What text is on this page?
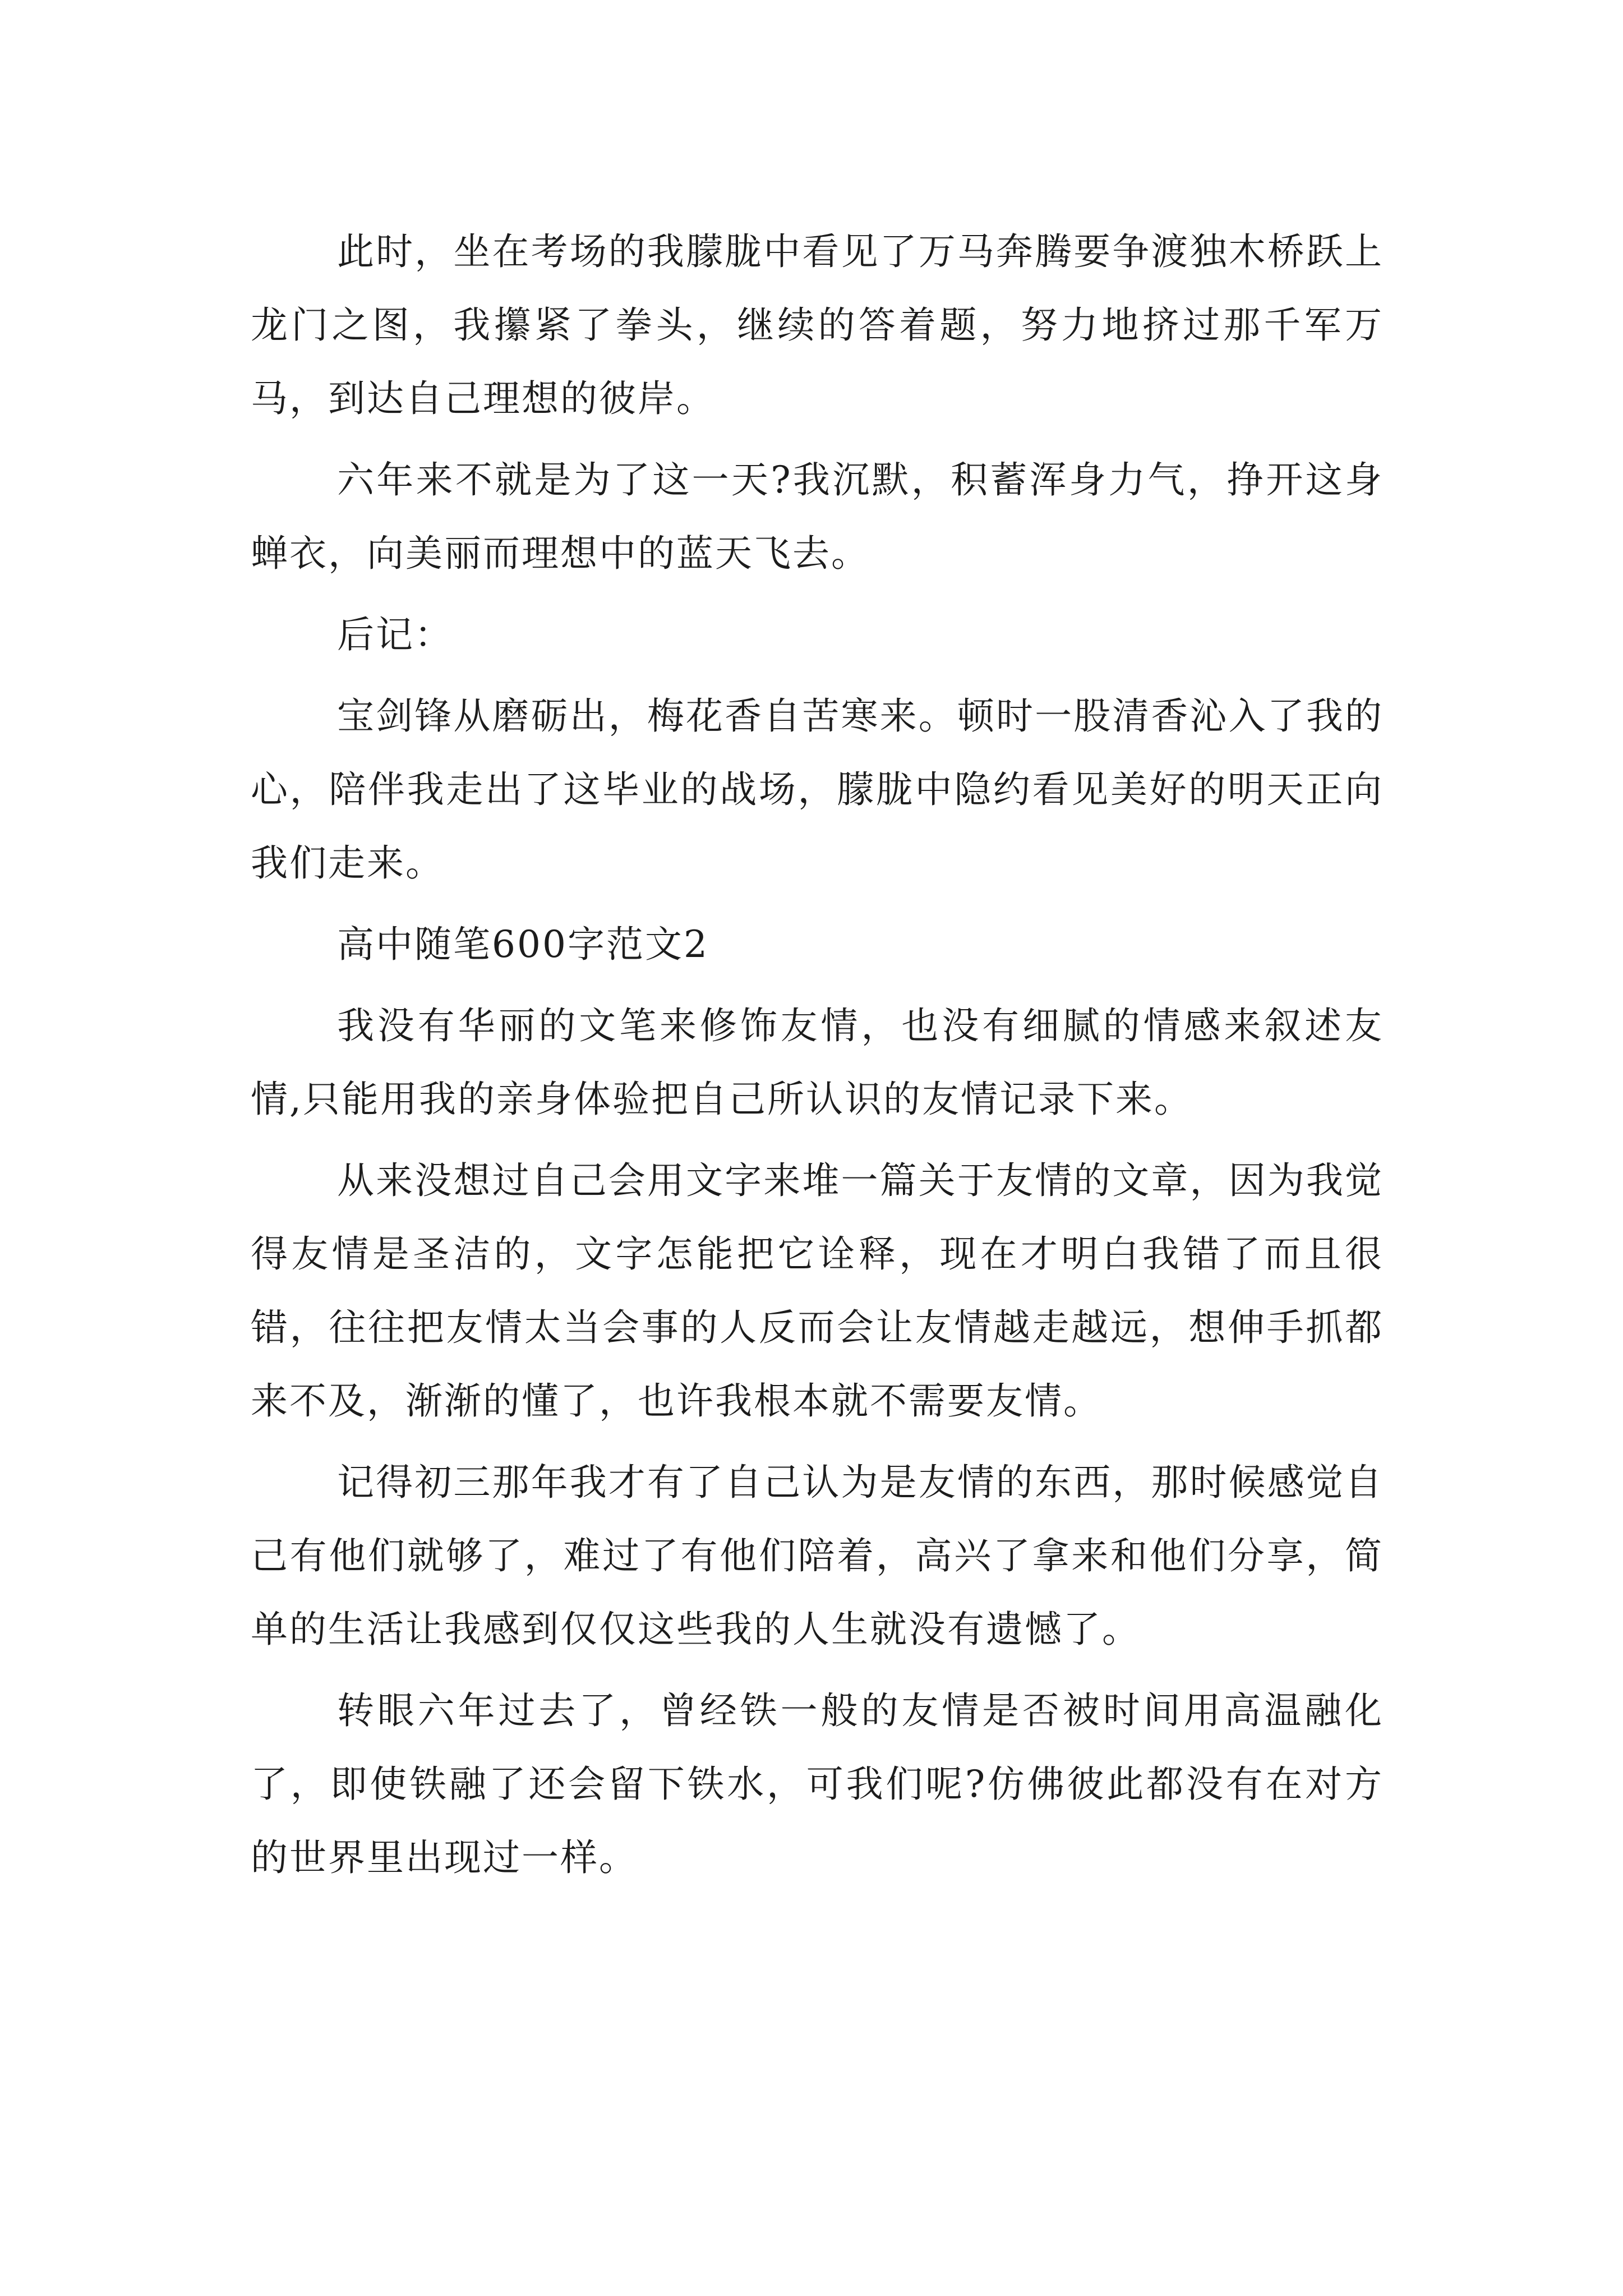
此时，坐在考场的我朦胧中看见了万马奔腾要争渡独木桥跃上龙门之图，我攥紧了拳头，继续的答着题，努力地挤过那千军万马，到达自己理想的彼岸。

六年来不就是为了这一天?我沉默，积蓄浑身力气，挣开这身蝉衣，向美丽而理想中的蓝天飞去。

后记：

宝剑锋从磨砺出，梅花香自苦寒来。顿时一股清香沁入了我的心，陪伴我走出了这毕业的战场，朦胧中隐约看见美好的明天正向我们走来。

高中随笔600字范文2

我没有华丽的文笔来修饰友情，也没有细腻的情感来叙述友情,只能用我的亲身体验把自己所认识的友情记录下来。

从来没想过自己会用文字来堆一篇关于友情的文章，因为我觉得友情是圣洁的，文字怎能把它诠释，现在才明白我错了而且很错，往往把友情太当会事的人反而会让友情越走越远，想伸手抓都来不及，渐渐的懂了，也许我根本就不需要友情。

记得初三那年我才有了自己认为是友情的东西，那时候感觉自己有他们就够了，难过了有他们陪着，高兴了拿来和他们分享，简单的生活让我感到仅仅这些我的人生就没有遗憾了。

转眼六年过去了，曾经铁一般的友情是否被时间用高温融化了，即使铁融了还会留下铁水，可我们呢?仿佛彼此都没有在对方的世界里出现过一样。
